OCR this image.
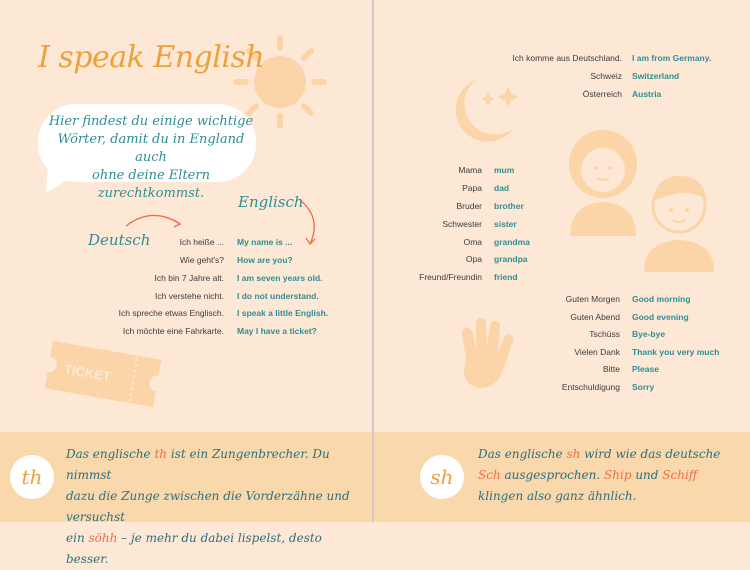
I speak English
Hier findest du einige wichtige
Wörter, damit du in England auch
ohne deine Eltern zurechtkommst.	Englisch
Deutsch	Ich heiße ... My name is ...
Wie geht's? How are you?
Ich bin 7 Jahre alt. I am seven years old.
Ich verstehe nicht. I do not understand.
Ich spreche etwas Englisch. I speak a little English.
Ich möchte eine Fahrkarte. May I have a ticket?
TICKET
Ich komme aus Deutschland. I am from Germany.
Schweiz Switzerland
Österreich Austria
Mama mum
Papa dad
Bruder brother
Schwester sister
Oma grandma
Opa grandpa
Freund/Freundin friend
Guten Morgen Good morning
Guten Abend Good evening
Tschüss Bye-bye
Vielen Dank Thank you very much
Bitte Please
Entschuldigung Sorry
th
Das englische th ist ein Zungenbrecher. Du nimmst
dazu die Zunge zwischen die Vorderzähne und versuchst
ein söhh – je mehr du dabei lispelst, desto besser.
sh
Das englische sh wird wie das deutsche
Sch ausgesprochen. Ship und Schiff
klingen also ganz ähnlich.
